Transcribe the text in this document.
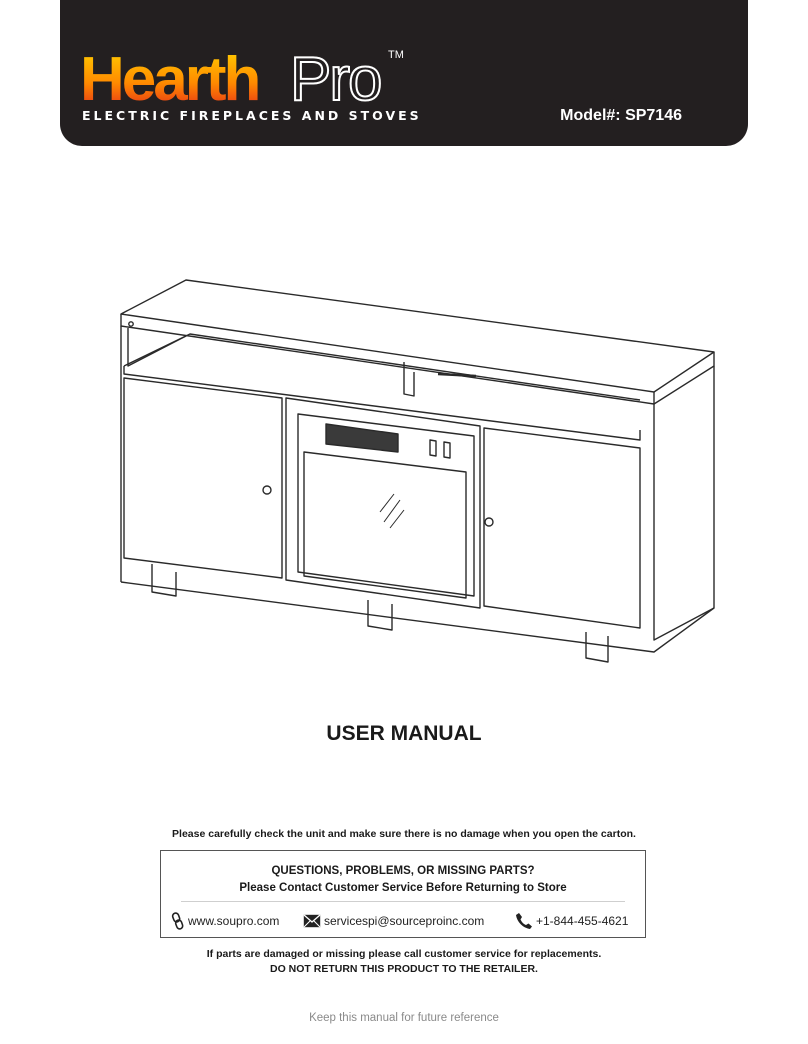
Hearth Pro TM
ELECTRIC FIREPLACES AND STOVES	Model#: SP7146
USER MANUAL
Please carefully check the unit and make sure there is no damage when you open the carton.
QUESTIONS, PROBLEMS, OR MISSING PARTS?
Please Contact Customer Service Before Returning to Store
www.soupro.com	servicespi@sourceproinc.com	+1-844-455-4621
If parts are damaged or missing please call customer service for replacements.
DO NOT RETURN THIS PRODUCT TO THE RETAILER.
Keep this manual for future reference
